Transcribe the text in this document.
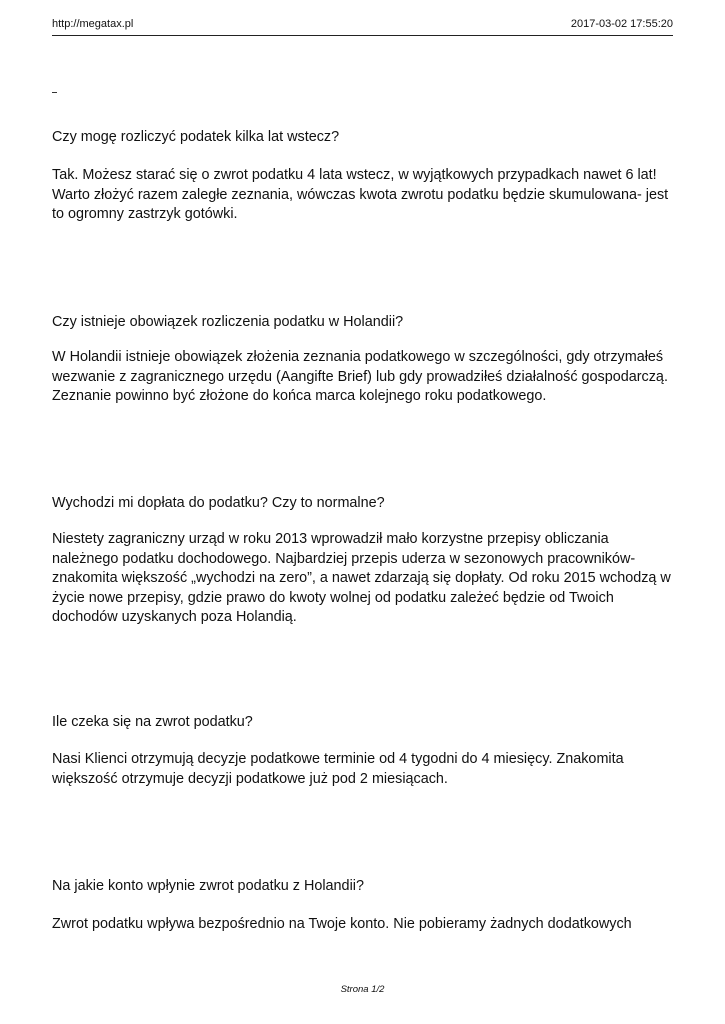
http://megatax.pl	2017-03-02 17:55:20

Czy mogę rozliczyć podatek kilka lat wstecz?

Tak. Możesz starać się o zwrot podatku 4 lata wstecz, w wyjątkowych przypadkach nawet 6 lat! Warto złożyć razem zaległe zeznania, wówczas kwota zwrotu podatku będzie skumulowana- jest to ogromny zastrzyk gotówki.

Czy istnieje obowiązek rozliczenia podatku w Holandii?

W Holandii istnieje obowiązek złożenia zeznania podatkowego w szczególności, gdy otrzymałeś wezwanie z zagranicznego urzędu (Aangifte Brief) lub gdy prowadziłeś działalność gospodarczą. Zeznanie powinno być złożone do końca marca kolejnego roku podatkowego.

Wychodzi mi dopłata do podatku? Czy to normalne?

Niestety zagraniczny urząd w roku 2013 wprowadził mało korzystne przepisy obliczania należnego podatku dochodowego. Najbardziej przepis uderza w sezonowych pracowników- znakomita większość „wychodzi na zero”, a nawet zdarzają się dopłaty. Od roku 2015 wchodzą w życie nowe przepisy, gdzie prawo do kwoty wolnej od podatku zależeć będzie od Twoich dochodów uzyskanych poza Holandią.

Ile czeka się na zwrot podatku?

Nasi Klienci otrzymują decyzje podatkowe terminie od 4 tygodni do 4 miesięcy. Znakomita większość otrzymuje decyzji podatkowe już pod 2 miesiącach.

Na jakie konto wpłynie zwrot podatku z Holandii?

Zwrot podatku wpływa bezpośrednio na Twoje konto. Nie pobieramy żadnych dodatkowych

Strona 1/2
